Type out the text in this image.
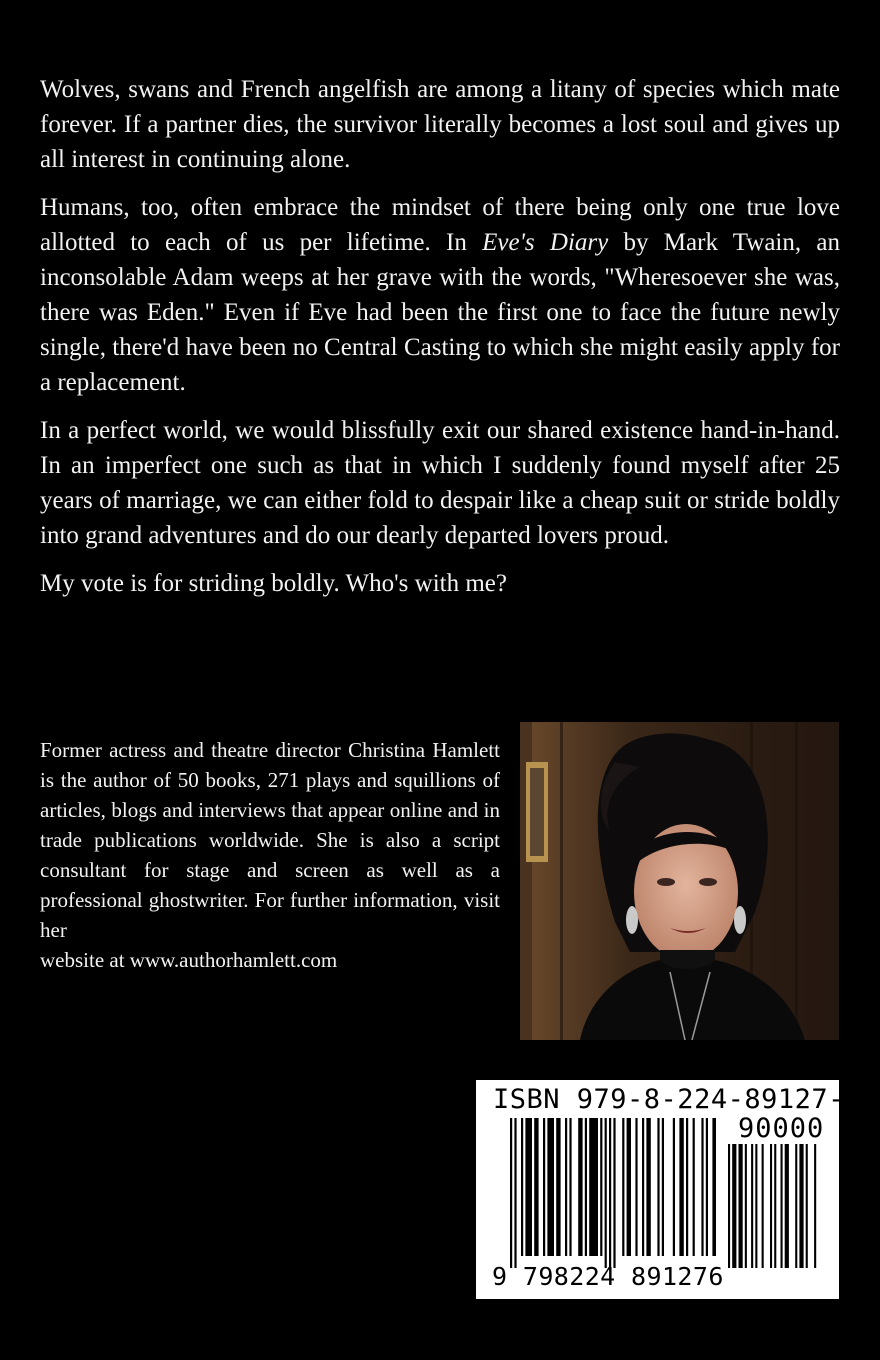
Wolves, swans and French angelfish are among a litany of species which mate forever. If a partner dies, the survivor literally becomes a lost soul and gives up all interest in continuing alone.

Humans, too, often embrace the mindset of there being only one true love allotted to each of us per lifetime. In Eve's Diary by Mark Twain, an inconsolable Adam weeps at her grave with the words, "Wheresoever she was, there was Eden." Even if Eve had been the first one to face the future newly single, there'd have been no Central Casting to which she might easily apply for a replacement.

In a perfect world, we would blissfully exit our shared existence hand-in-hand. In an imperfect one such as that in which I suddenly found myself after 25 years of marriage, we can either fold to despair like a cheap suit or stride boldly into grand adventures and do our dearly departed lovers proud.

My vote is for striding boldly. Who's with me?

Former actress and theatre director Christina Hamlett is the author of 50 books, 271 plays and squillions of articles, blogs and interviews that appear online and in trade publications worldwide. She is also a script consultant for stage and screen as well as a professional ghostwriter. For further information, visit her
website at www.authorhamlett.com

ISBN 979-8-224-89127-6
90000
9 798224 891276
